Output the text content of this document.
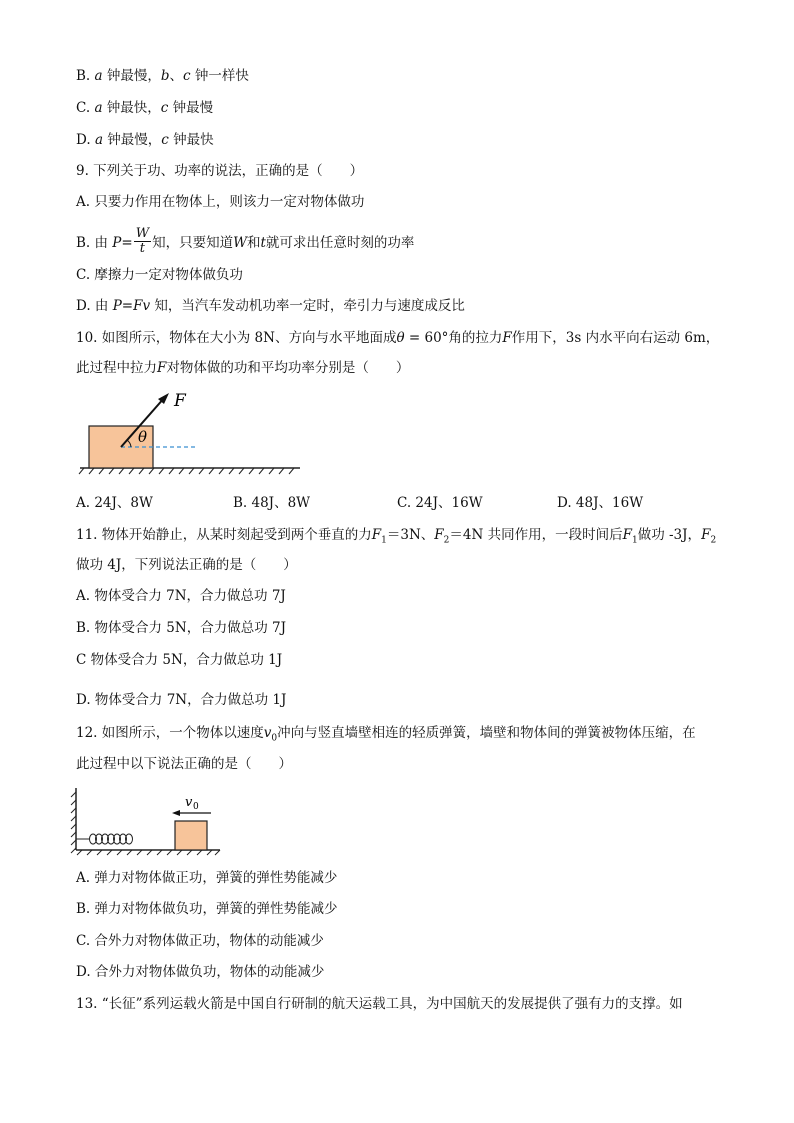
B. a 钟最慢，b、c 钟一样快
C. a 钟最快，c 钟最慢
D. a 钟最慢，c 钟最快
9. 下列关于功、功率的说法，正确的是（　　）
A. 只要力作用在物体上，则该力一定对物体做功
B. 由 $P= \frac{W}{t}$ 知，只要知道W和t就可求出任意时刻的功率
C. 摩擦力一定对物体做负功
D. 由 P=Fv 知，当汽车发动机功率一定时，牵引力与速度成反比
10. 如图所示，物体在大小为 8N、方向与水平地面成θ = 60°角的拉力F作用下，3s 内水平向右运动 6m，
此过程中拉力F对物体做的功和平均功率分别是（　　）
F
θ
A. 24J、8W	B. 48J、8W	C. 24J、16W	D. 48J、16W
11. 物体开始静止，从某时刻起受到两个垂直的力$F_1=3N$、$F_2=4N$ 共同作用，一段时间后$F_1$做功 -3J，$F_2$
做功 4J，下列说法正确的是（　　）
A. 物体受合力 7N，合力做总功 7J
B. 物体受合力 5N，合力做总功 7J
C 物体受合力 5N，合力做总功 1J
D. 物体受合力 7N，合力做总功 1J
12. 如图所示，一个物体以速度$v_0$冲向与竖直墙壁相连的轻质弹簧，墙壁和物体间的弹簧被物体压缩，在
此过程中以下说法正确的是（　　）
v 0
A. 弹力对物体做正功，弹簧的弹性势能减少
B. 弹力对物体做负功，弹簧的弹性势能减少
C. 合外力对物体做正功，物体的动能减少
D. 合外力对物体做负功，物体的动能减少
13. “长征”系列运载火箭是中国自行研制的航天运载工具，为中国航天的发展提供了强有力的支撑。如
